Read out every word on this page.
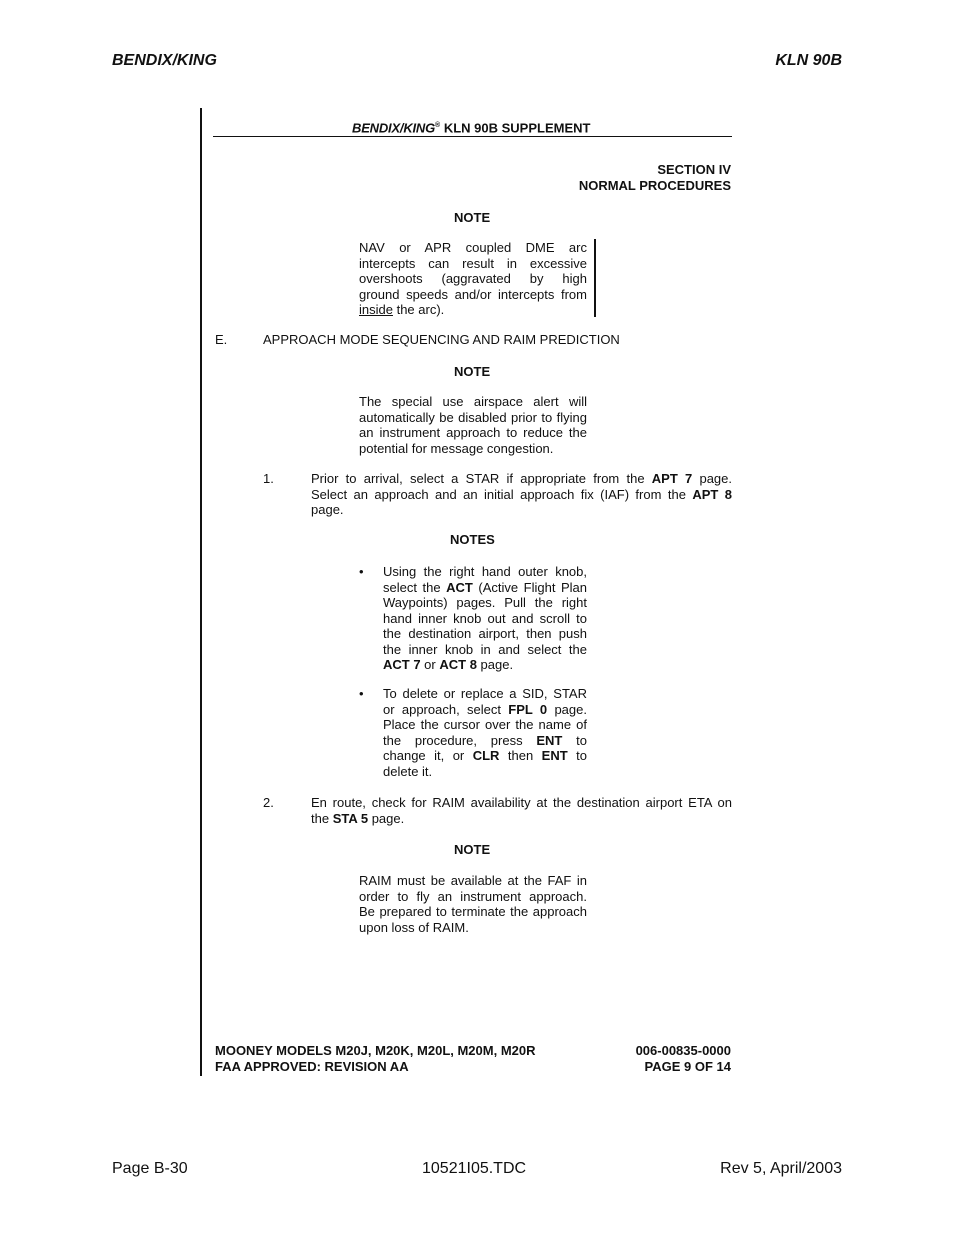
BENDIX/KING	KLN 90B
BENDIX/KING® KLN 90B SUPPLEMENT
SECTION IV
NORMAL PROCEDURES
NOTE
NAV or APR coupled DME arc
intercepts can result in excessive
overshoots (aggravated by high
ground speeds and/or intercepts from
inside the arc).
E.	APPROACH MODE SEQUENCING AND RAIM PREDICTION
NOTE
The special use airspace alert will
automatically be disabled prior to flying
an instrument approach to reduce the
potential for message congestion.
1.	Prior to arrival, select a STAR if appropriate from the APT 7 page.
Select an approach and an initial approach fix (IAF) from the APT 8
page.
NOTES
• Using the right hand outer knob,
select the ACT (Active Flight Plan
Waypoints) pages. Pull the right
hand inner knob out and scroll to
the destination airport, then push
the inner knob in and select the
ACT 7 or ACT 8 page.
• To delete or replace a SID, STAR
or approach, select FPL 0 page.
Place the cursor over the name of
the procedure, press ENT to
change it, or CLR then ENT to
delete it.
2.	En route, check for RAIM availability at the destination airport ETA on
the STA 5 page.
NOTE
RAIM must be available at the FAF in
order to fly an instrument approach.
Be prepared to terminate the approach
upon loss of RAIM.
MOONEY MODELS M20J, M20K, M20L, M20M, M20R
FAA APPROVED: REVISION AA
006-00835-0000
PAGE 9 OF 14
Page B-30	10521I05.TDC	Rev 5, April/2003
